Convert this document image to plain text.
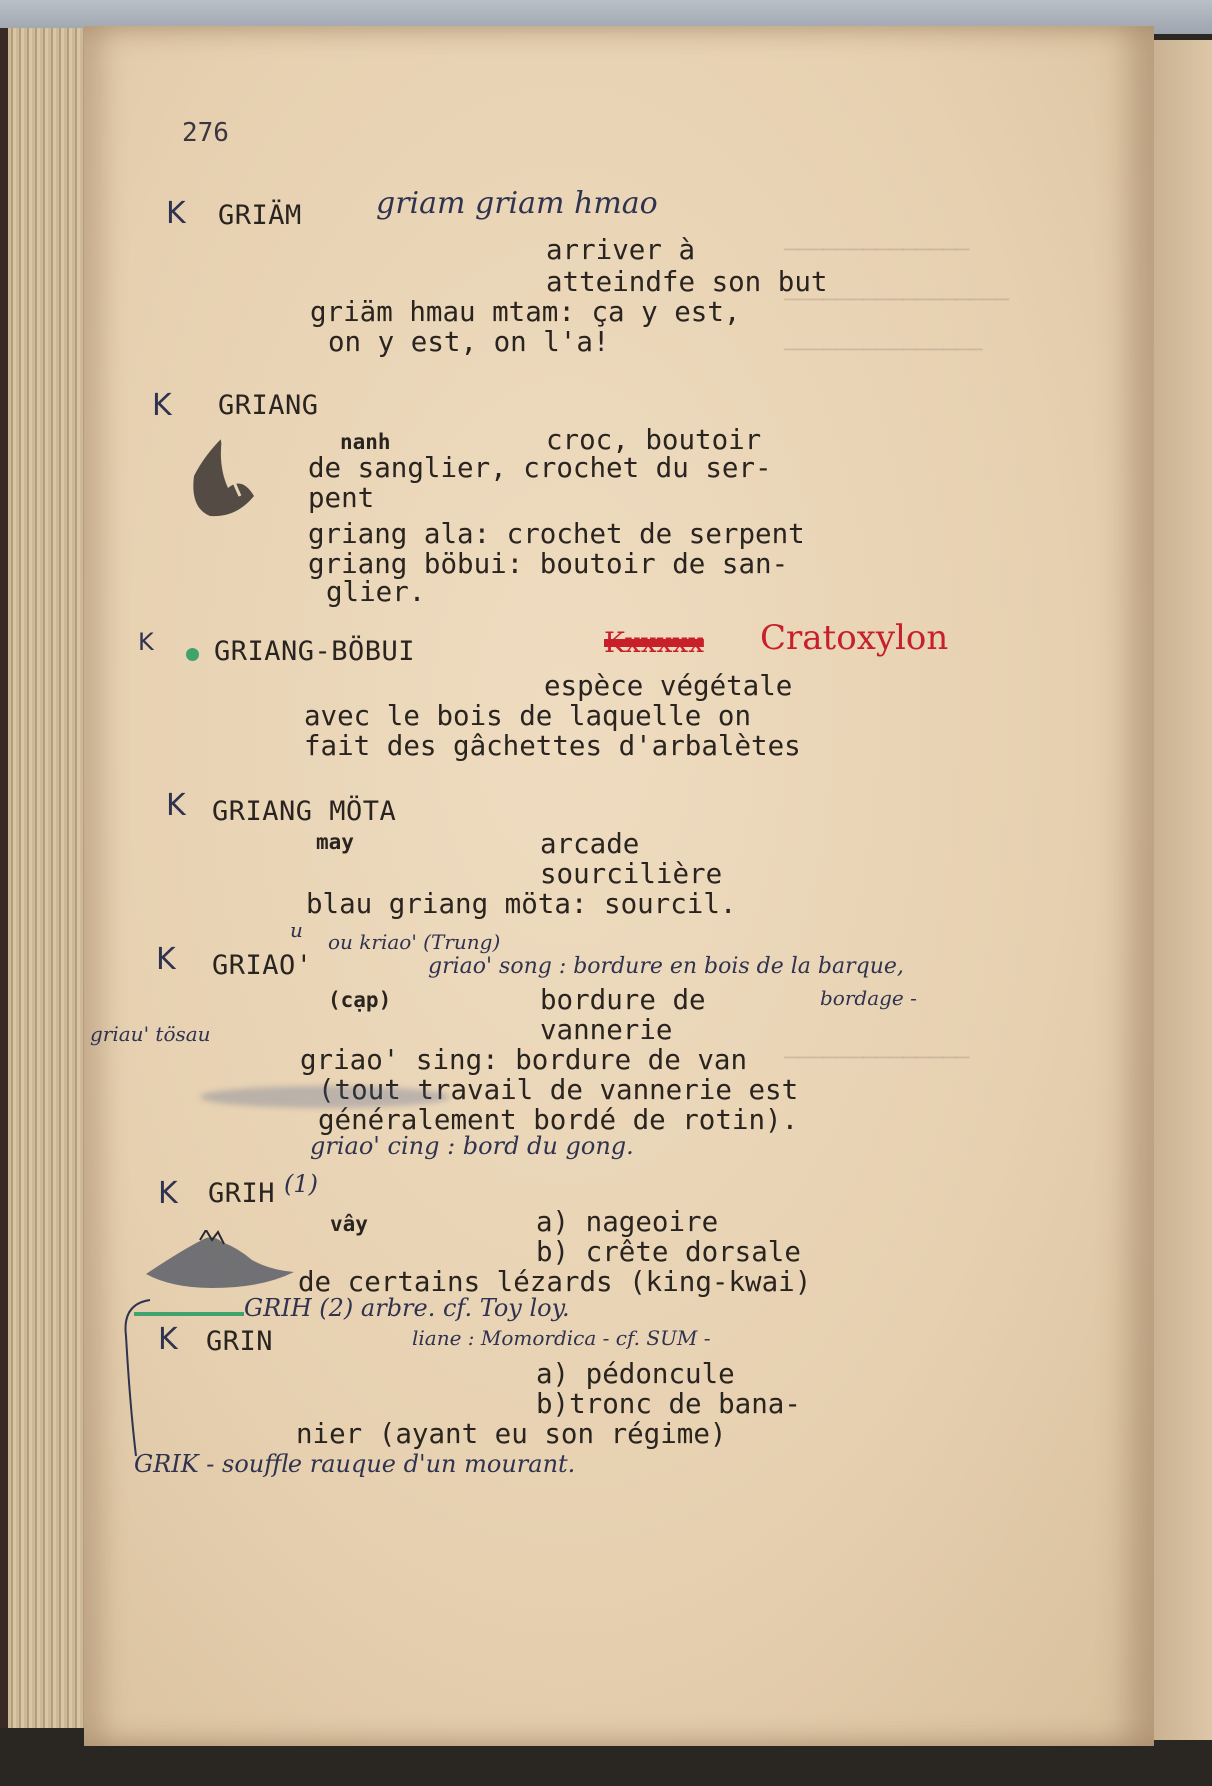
──────────────
─────────────────
───────────────
──────────────
276
K GRIÄM griam griam hmao
arriver à
atteindfe son but
griäm hmau mtam: ça y est,
on y est, on l'a!
K GRIANG
nanh	croc, boutoir
de sanglier, crochet du ser-
pent
griang ala: crochet de serpent
griang böbui: boutoir de san-
glier.
K GRIANG-BÖBUI	Kxxxxx Cratoxylon
espèce végétale
avec le bois de laquelle on
fait des gâchettes d'arbalètes
K GRIANG MÖTA
may	arcade
sourcilière
blau griang möta: sourcil.
K GRIAO'
u ou kriao' (Trung)
griao' song : bordure en bois de la barque,
bordage -
(cạp)	bordure de
vannerie
griau' tösau
griao' sing: bordure de van
(tout travail de vannerie est
généralement bordé de rotin).
griao' cing : bord du gong.
K GRIH (1)
vây	a) nageoire
b) crête dorsale
de certains lézards (king-kwai)
GRIH (2) arbre. cf. Toy loy.
K GRIN	liane : Momordica - cf. SUM -
a) pédoncule
b)tronc de bana-
nier (ayant eu son régime)
GRIK - souffle rauque d'un mourant.
